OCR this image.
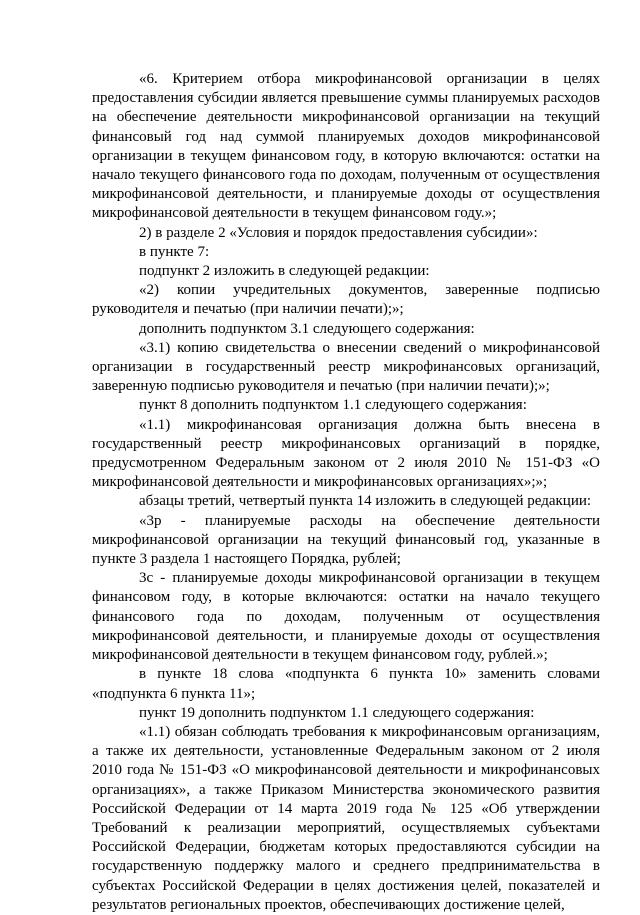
«6. Критерием отбора микрофинансовой организации в целях предоставления субсидии является превышение суммы планируемых расходов на обеспечение деятельности микрофинансовой организации на текущий финансовый год над суммой планируемых доходов микрофинансовой организации в текущем финансовом году, в которую включаются: остатки на начало текущего финансового года по доходам, полученным от осуществления микрофинансовой деятельности, и планируемые доходы от осуществления микрофинансовой деятельности в текущем финансовом году.»;

2) в разделе 2 «Условия и порядок предоставления субсидии»:

в пункте 7:

подпункт 2 изложить в следующей редакции:

«2) копии учредительных документов, заверенные подписью руководителя и печатью (при наличии печати);»;

дополнить подпунктом 3.1 следующего содержания:

«3.1) копию свидетельства о внесении сведений о микрофинансовой организации в государственный реестр микрофинансовых организаций, заверенную подписью руководителя и печатью (при наличии печати);»;

пункт 8 дополнить подпунктом 1.1 следующего содержания:

«1.1) микрофинансовая организация должна быть внесена в государственный реестр микрофинансовых организаций в порядке, предусмотренном Федеральным законом от 2 июля 2010 № 151-ФЗ «О микрофинансовой деятельности и микрофинансовых организациях»;»;

абзацы третий, четвертый пункта 14 изложить в следующей редакции:

«3р - планируемые расходы на обеспечение деятельности микрофинансовой организации на текущий финансовый год, указанные в пункте 3 раздела 1 настоящего Порядка, рублей;

3с - планируемые доходы микрофинансовой организации в текущем финансовом году, в которые включаются: остатки на начало текущего финансового года по доходам, полученным от осуществления микрофинансовой деятельности, и планируемые доходы от осуществления микрофинансовой деятельности в текущем финансовом году, рублей.»;

в пункте 18 слова «подпункта 6 пункта 10» заменить словами «подпункта 6 пункта 11»;

пункт 19 дополнить подпунктом 1.1 следующего содержания:

«1.1) обязан соблюдать требования к микрофинансовым организациям, а также их деятельности, установленные Федеральным законом от 2 июля 2010 года № 151-ФЗ «О микрофинансовой деятельности и микрофинансовых организациях», а также Приказом Министерства экономического развития Российской Федерации от 14 марта 2019 года № 125 «Об утверждении Требований к реализации мероприятий, осуществляемых субъектами Российской Федерации, бюджетам которых предоставляются субсидии на государственную поддержку малого и среднего предпринимательства в субъектах Российской Федерации в целях достижения целей, показателей и результатов региональных проектов, обеспечивающих достижение целей,
